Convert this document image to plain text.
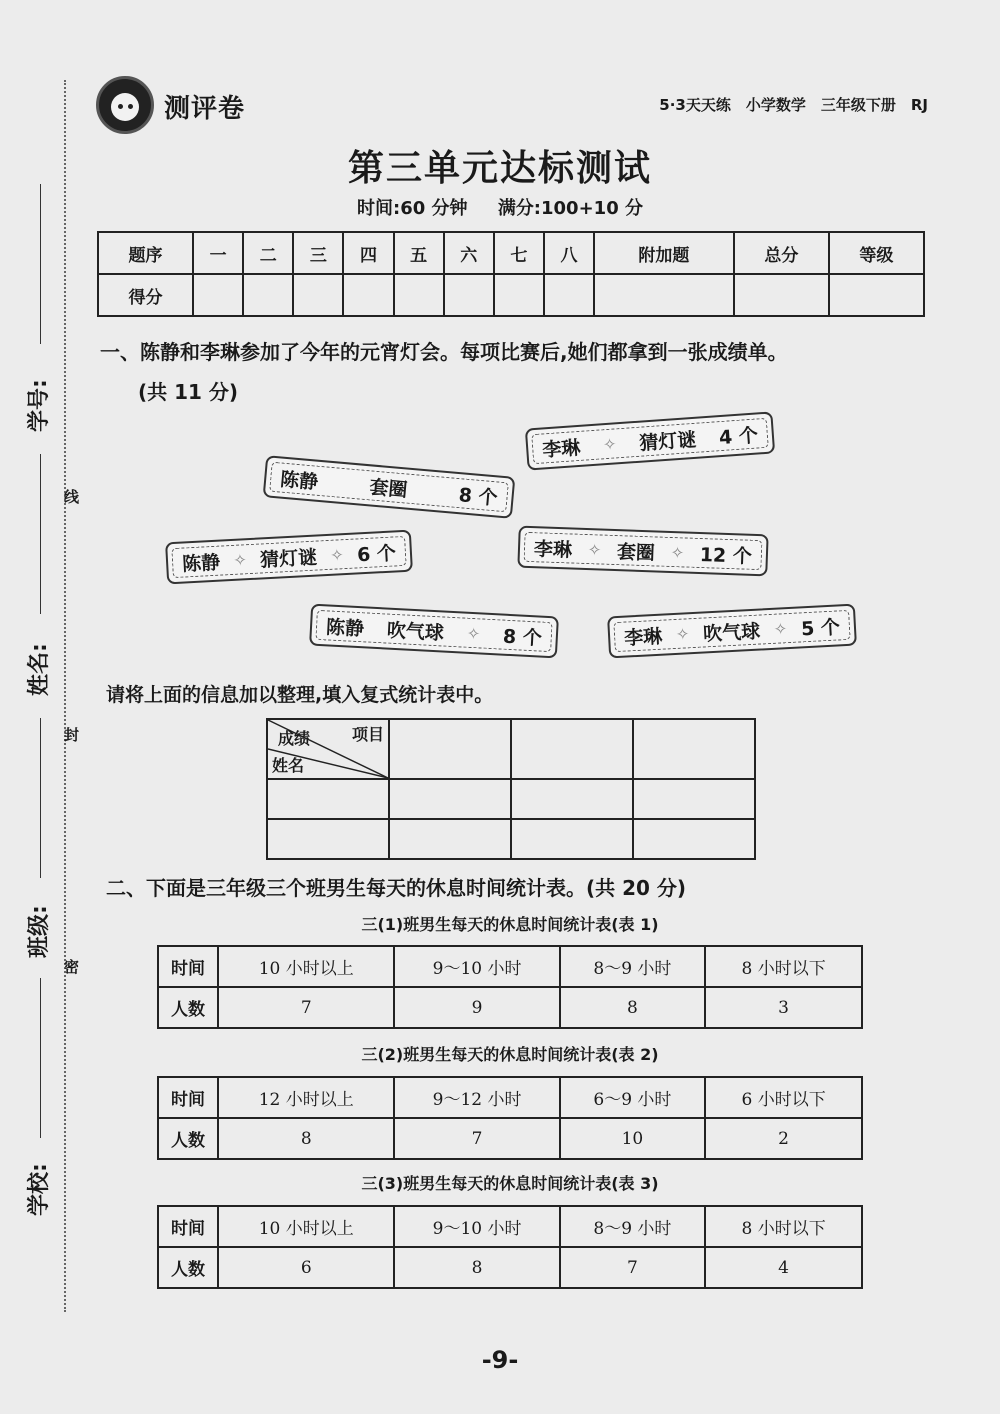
线
封
密
学号:
姓名:
班级:
学校:
测评卷	5·3天天练　小学数学　三年级下册　RJ
第三单元达标测试
时间:60 分钟 满分:100+10 分
题序	一	二	三	四	五	六	七	八	附加题	总分	等级
得分											
一、陈静和李琳参加了今年的元宵灯会。每项比赛后,她们都拿到一张成绩单。
(共 11 分)
李琳 ✧ 猜灯谜 4 个
陈静	套圈	8 个
陈静 ✧ 猜灯谜 ✧ 6 个	李琳 ✧ 套圈 ✧ 12 个
陈静 吹气球 ✧ 8 个	李琳 ✧ 吹气球 ✧ 5 个
请将上面的信息加以整理,填入复式统计表中。
项目
成绩
姓名			

二、下面是三年级三个班男生每天的休息时间统计表。(共 20 分)
三(1)班男生每天的休息时间统计表(表 1)
时间	10 小时以上	9～10 小时	8～9 小时	8 小时以下
人数	7	9	8	3
三(2)班男生每天的休息时间统计表(表 2)
时间	12 小时以上	9～12 小时	6～9 小时	6 小时以下
人数	8	7	10	2
三(3)班男生每天的休息时间统计表(表 3)
时间	10 小时以上	9～10 小时	8～9 小时	8 小时以下
人数	6	8	7	4
-9-
